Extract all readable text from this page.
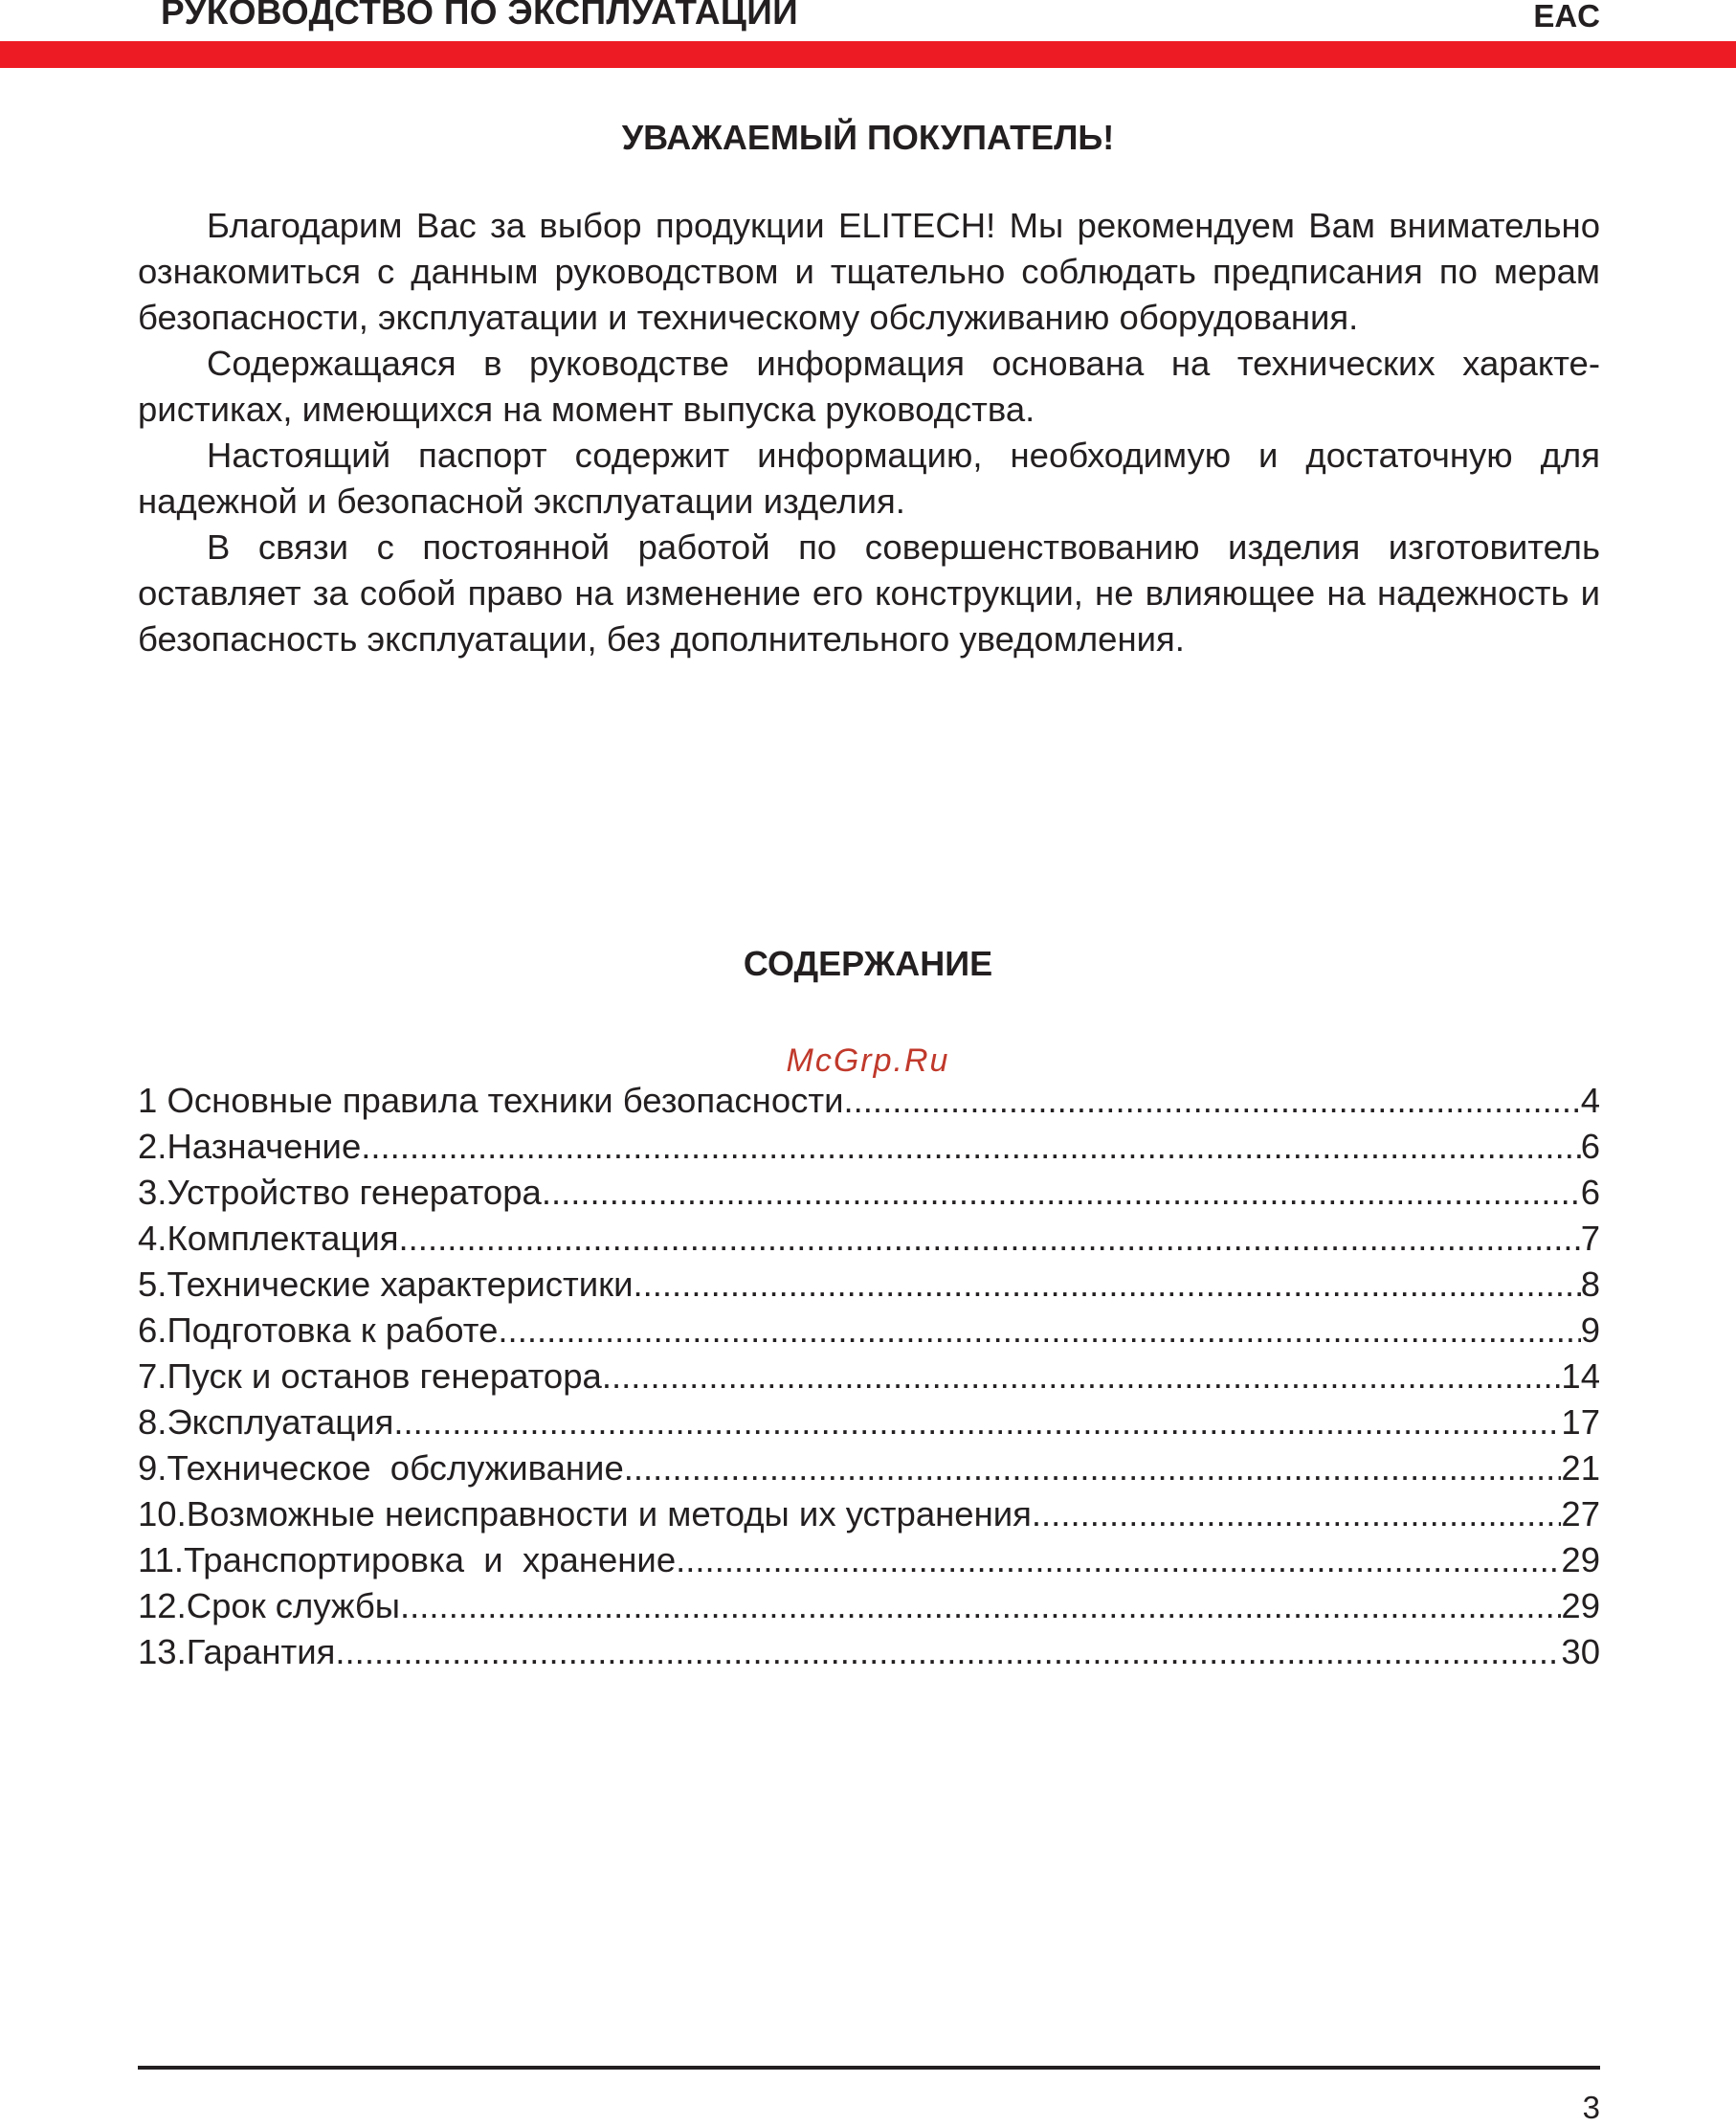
РУКОВОДСТВО ПО ЭКСПЛУАТАЦИИ	EAC
УВАЖАЕМЫЙ ПОКУПАТЕЛЬ!

Благодарим Вас за выбор продукции ELITECH! Мы рекомендуем Вам внимательно ознакомиться с данным руководством и тщательно соблюдать предписания по мерам безопасности, эксплуатации и техническому обслуживанию оборудования.

Содержащаяся в руководстве информация основана на технических характеристиках, имеющихся на момент выпуска руководства.

Настоящий паспорт содержит информацию, необходимую и достаточную для надежной и безопасной эксплуатации изделия.

В связи с постоянной работой по совершенствованию изделия изготовитель оставляет за собой право на изменение его конструкции, не влияющее на надежность и безопасность эксплуатации, без дополнительного уведомления.

СОДЕРЖАНИЕ
McGrp.Ru
1 Основные правила техники безопасности .....	4
2.Назначение .....	6
3.Устройство генератора .....	6
4.Комплектация .....	7
5.Технические характеристики .....	8
6.Подготовка к работе .....	9
7.Пуск и останов генератора .....	14
8.Эксплуатация .....	17
9.Техническое  обслуживание .....	21
10.Возможные неисправности и методы их устранения .....	27
11.Транспортировка  и  хранение .....	29
12.Срок службы .....	29
13.Гарантия .....	30
3
